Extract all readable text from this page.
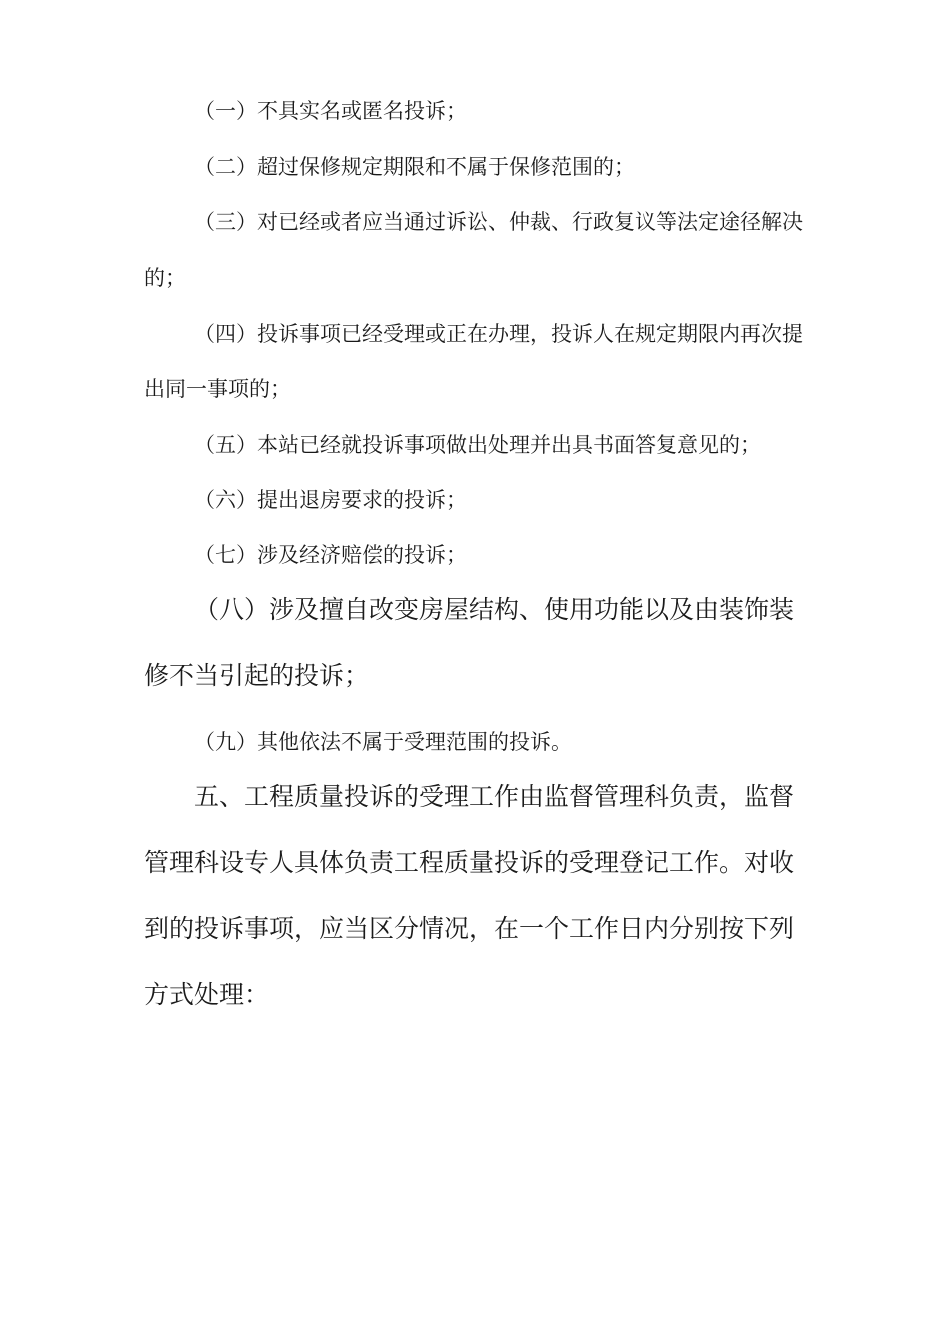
（一）不具实名或匿名投诉；
（二）超过保修规定期限和不属于保修范围的；
（三）对已经或者应当通过诉讼、仲裁、行政复议等法定途径解决
的；
（四）投诉事项已经受理或正在办理，投诉人在规定期限内再次提
出同一事项的；
（五）本站已经就投诉事项做出处理并出具书面答复意见的；
（六）提出退房要求的投诉；
（七）涉及经济赔偿的投诉；
（八）涉及擅自改变房屋结构、使用功能以及由装饰装
修不当引起的投诉；
（九）其他依法不属于受理范围的投诉。
五、工程质量投诉的受理工作由监督管理科负责，监督
管理科设专人具体负责工程质量投诉的受理登记工作。对收
到的投诉事项，应当区分情况，在一个工作日内分别按下列
方式处理：
